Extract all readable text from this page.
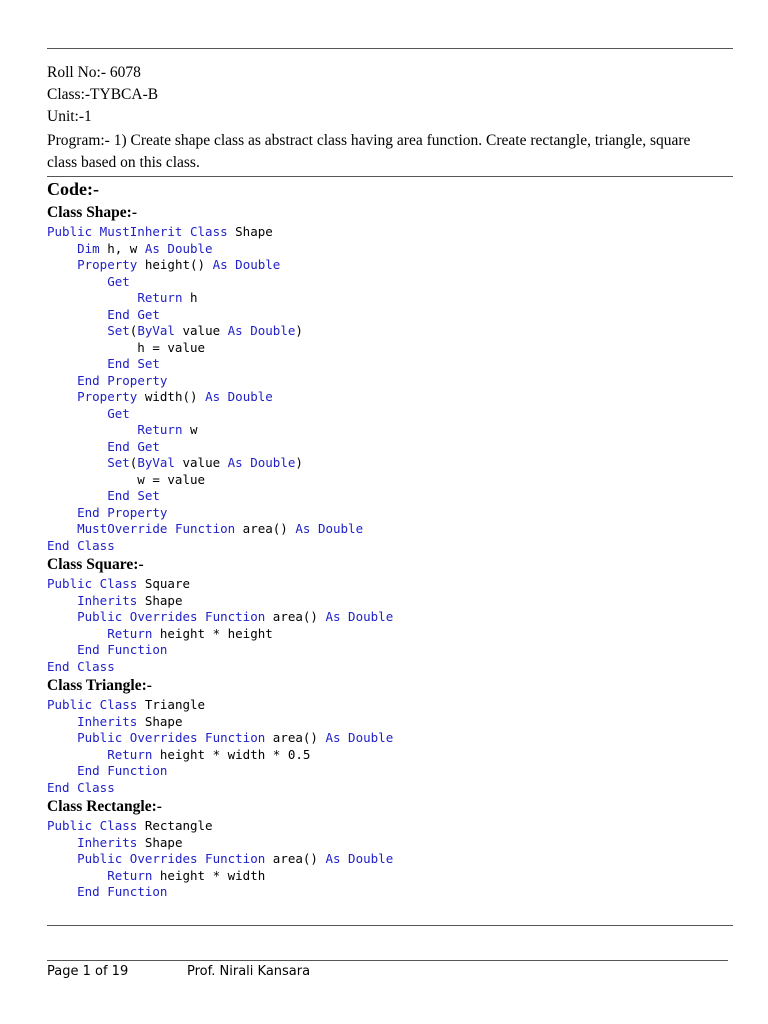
Roll No:- 6078
Class:-TYBCA-B
Unit:-1
Program:- 1) Create shape class as abstract class having area function. Create rectangle, triangle, square class based on this class.
Code:-
Class Shape:-
Public MustInherit Class Shape
Dim h, w As Double
Property height() As Double
Get
Return h
End Get
Set(ByVal value As Double)
h = value
End Set
End Property
Property width() As Double
Get
Return w
End Get
Set(ByVal value As Double)
w = value
End Set
End Property
MustOverride Function area() As Double
End Class
Class Square:-
Public Class Square
Inherits Shape
Public Overrides Function area() As Double
Return height * height
End Function
End Class
Class Triangle:-
Public Class Triangle
Inherits Shape
Public Overrides Function area() As Double
Return height * width * 0.5
End Function
End Class
Class Rectangle:-
Public Class Rectangle
Inherits Shape
Public Overrides Function area() As Double
Return height * width
End Function
Page 1 of 19	Prof. Nirali Kansara
